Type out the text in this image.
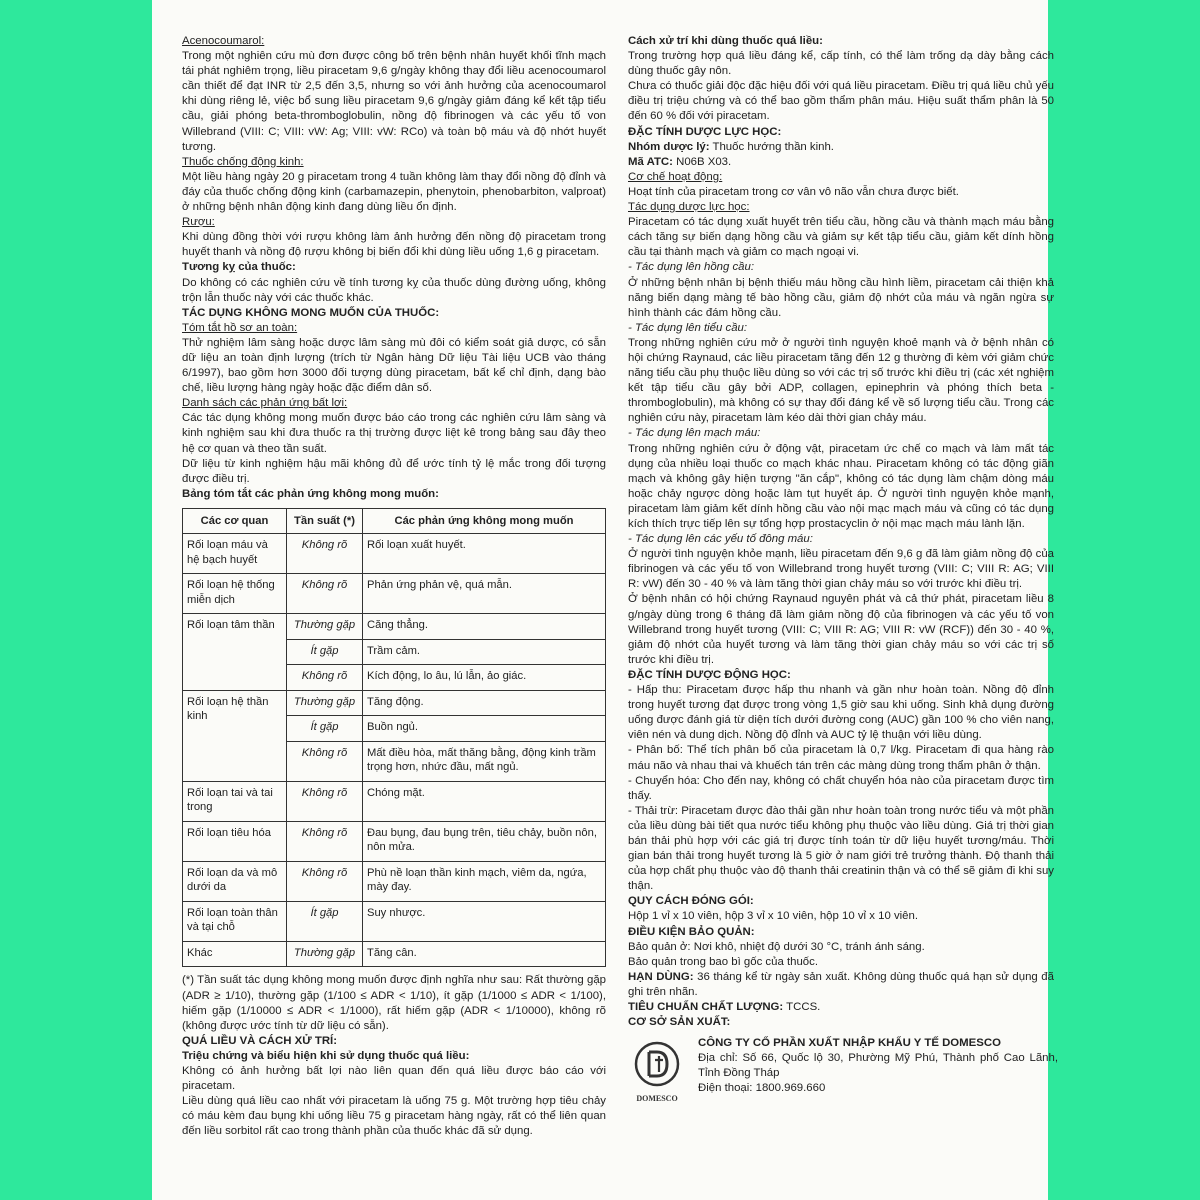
Acenocoumarol:

Trong một nghiên cứu mù đơn được công bố trên bệnh nhân huyết khối tĩnh mạch tái phát nghiêm trọng, liều piracetam 9,6 g/ngày không thay đổi liều acenocoumarol cần thiết để đạt INR từ 2,5 đến 3,5, nhưng so với ảnh hưởng của acenocoumarol khi dùng riêng lẻ, việc bổ sung liều piracetam 9,6 g/ngày giảm đáng kể kết tập tiểu cầu, giải phóng beta-thromboglobulin, nồng độ fibrinogen và các yếu tố von Willebrand (VIII: C; VIII: vW: Ag; VIII: vW: RCo) và toàn bộ máu và độ nhớt huyết tương.

Thuốc chống động kinh:

Một liều hàng ngày 20 g piracetam trong 4 tuần không làm thay đổi nồng độ đỉnh và đáy của thuốc chống động kinh (carbamazepin, phenytoin, phenobarbiton, valproat) ở những bệnh nhân động kinh đang dùng liều ổn định.

Rượu:

Khi dùng đồng thời với rượu không làm ảnh hưởng đến nồng độ piracetam trong huyết thanh và nồng độ rượu không bị biến đổi khi dùng liều uống 1,6 g piracetam.

Tương kỵ của thuốc:

Do không có các nghiên cứu về tính tương kỵ của thuốc dùng đường uống, không trộn lẫn thuốc này với các thuốc khác.

TÁC DỤNG KHÔNG MONG MUỐN CỦA THUỐC:

Tóm tắt hồ sơ an toàn:

Thử nghiệm lâm sàng hoặc dược lâm sàng mù đôi có kiểm soát giả dược, có sẵn dữ liệu an toàn định lượng (trích từ Ngân hàng Dữ liệu Tài liệu UCB vào tháng 6/1997), bao gồm hơn 3000 đối tượng dùng piracetam, bất kể chỉ định, dạng bào chế, liều lượng hàng ngày hoặc đặc điểm dân số.

Danh sách các phản ứng bất lợi:

Các tác dụng không mong muốn được báo cáo trong các nghiên cứu lâm sàng và kinh nghiệm sau khi đưa thuốc ra thị trường được liệt kê trong bảng sau đây theo hệ cơ quan và theo tần suất.

Dữ liệu từ kinh nghiệm hậu mãi không đủ để ước tính tỷ lệ mắc trong đối tượng được điều trị.

Bảng tóm tắt các phản ứng không mong muốn:

Các cơ quan	Tần suất (*)	Các phản ứng không mong muốn
Rối loạn máu và hệ bạch huyết	Không rõ	Rối loạn xuất huyết.
Rối loạn hệ thống miễn dịch	Không rõ	Phản ứng phản vệ, quá mẫn.
Rối loạn tâm thần	Thường gặp	Căng thẳng.
	Ít gặp	Trầm cảm.
	Không rõ	Kích động, lo âu, lú lẫn, ảo giác.
Rối loạn hệ thần kinh	Thường gặp	Tăng động.
	Ít gặp	Buồn ngủ.
	Không rõ	Mất điều hòa, mất thăng bằng, động kinh trầm trọng hơn, nhức đầu, mất ngủ.
Rối loạn tai và tai trong	Không rõ	Chóng mặt.
Rối loạn tiêu hóa	Không rõ	Đau bụng, đau bụng trên, tiêu chảy, buồn nôn, nôn mửa.
Rối loạn da và mô dưới da	Không rõ	Phù nề loạn thần kinh mạch, viêm da, ngứa, mày đay.
Rối loạn toàn thân và tại chỗ	Ít gặp	Suy nhược.
Khác	Thường gặp	Tăng cân.

(*) Tần suất tác dụng không mong muốn được định nghĩa như sau: Rất thường gặp (ADR ≥ 1/10), thường gặp (1/100 ≤ ADR < 1/10), ít gặp (1/1000 ≤ ADR < 1/100), hiếm gặp (1/10000 ≤ ADR < 1/1000), rất hiếm gặp (ADR < 1/10000), không rõ (không được ước tính từ dữ liệu có sẵn).

QUÁ LIỀU VÀ CÁCH XỬ TRÍ:

Triệu chứng và biểu hiện khi sử dụng thuốc quá liều:

Không có ảnh hưởng bất lợi nào liên quan đến quá liều được báo cáo với piracetam.

Liều dùng quá liều cao nhất với piracetam là uống 75 g. Một trường hợp tiêu chảy có máu kèm đau bụng khi uống liều 75 g piracetam hàng ngày, rất có thể liên quan đến liều sorbitol rất cao trong thành phần của thuốc khác đã sử dụng.

Cách xử trí khi dùng thuốc quá liều:

Trong trường hợp quá liều đáng kể, cấp tính, có thể làm trống dạ dày bằng cách dùng thuốc gây nôn.

Chưa có thuốc giải độc đặc hiệu đối với quá liều piracetam. Điều trị quá liều chủ yếu điều trị triệu chứng và có thể bao gồm thẩm phân máu. Hiệu suất thẩm phân là 50 đến 60 % đối với piracetam.

ĐẶC TÍNH DƯỢC LỰC HỌC:

Nhóm dược lý: Thuốc hướng thần kinh.

Mã ATC: N06B X03.

Cơ chế hoạt động:

Hoạt tính của piracetam trong cơ vân vô não vẫn chưa được biết.

Tác dụng dược lực học:

Piracetam có tác dụng xuất huyết trên tiểu cầu, hồng cầu và thành mạch máu bằng cách tăng sự biến dạng hồng cầu và giảm sự kết tập tiểu cầu, giảm kết dính hồng cầu tại thành mạch và giảm co mạch ngoại vi.

- Tác dụng lên hồng cầu:

Ở những bệnh nhân bị bệnh thiếu máu hồng cầu hình liềm, piracetam cải thiện khả năng biến dạng màng tế bào hồng cầu, giảm độ nhớt của máu và ngăn ngừa sự hình thành các đám hồng cầu.

- Tác dụng lên tiểu cầu:

Trong những nghiên cứu mở ở người tình nguyện khoẻ mạnh và ở bệnh nhân có hội chứng Raynaud, các liều piracetam tăng đến 12 g thường đi kèm với giảm chức năng tiểu cầu phụ thuộc liều dùng so với các trị số trước khi điều trị (các xét nghiệm kết tập tiểu cầu gây bởi ADP, collagen, epinephrin và phóng thích beta - thromboglobulin), mà không có sự thay đổi đáng kể về số lượng tiểu cầu. Trong các nghiên cứu này, piracetam làm kéo dài thời gian chảy máu.

- Tác dụng lên mạch máu:

Trong những nghiên cứu ở động vật, piracetam ức chế co mạch và làm mất tác dụng của nhiều loại thuốc co mạch khác nhau. Piracetam không có tác động giãn mạch và không gây hiện tượng "ăn cắp", không có tác dụng làm chậm dòng máu hoặc chảy ngược dòng hoặc làm tụt huyết áp. Ở người tình nguyện khỏe mạnh, piracetam làm giảm kết dính hồng cầu vào nội mạc mạch máu và cũng có tác dụng kích thích trực tiếp lên sự tổng hợp prostacyclin ở nội mạc mạch máu lành lặn.

- Tác dụng lên các yếu tố đông máu:

Ở người tình nguyện khỏe mạnh, liều piracetam đến 9,6 g đã làm giảm nồng độ của fibrinogen và các yếu tố von Willebrand trong huyết tương (VIII: C; VIII R: AG; VIII R: vW) đến 30 - 40 % và làm tăng thời gian chảy máu so với trước khi điều trị.

Ở bệnh nhân có hội chứng Raynaud nguyên phát và cả thứ phát, piracetam liều 8 g/ngày dùng trong 6 tháng đã làm giảm nồng độ của fibrinogen và các yếu tố von Willebrand trong huyết tương (VIII: C; VIII R: AG; VIII R: vW (RCF)) đến 30 - 40 %, giảm độ nhớt của huyết tương và làm tăng thời gian chảy máu so với các trị số trước khi điều trị.

ĐẶC TÍNH DƯỢC ĐỘNG HỌC:

- Hấp thu: Piracetam được hấp thu nhanh và gần như hoàn toàn. Nồng độ đỉnh trong huyết tương đạt được trong vòng 1,5 giờ sau khi uống. Sinh khả dụng đường uống được đánh giá từ diện tích dưới đường cong (AUC) gần 100 % cho viên nang, viên nén và dung dịch. Nồng độ đỉnh và AUC tỷ lệ thuận với liều dùng.

- Phân bố: Thể tích phân bố của piracetam là 0,7 l/kg. Piracetam đi qua hàng rào máu não và nhau thai và khuếch tán trên các màng dùng trong thẩm phân ở thận.

- Chuyển hóa: Cho đến nay, không có chất chuyển hóa nào của piracetam được tìm thấy.

- Thải trừ: Piracetam được đào thải gần như hoàn toàn trong nước tiểu và một phần của liều dùng bài tiết qua nước tiểu không phụ thuộc vào liều dùng. Giá trị thời gian bán thải phù hợp với các giá trị được tính toán từ dữ liệu huyết tương/máu. Thời gian bán thải trong huyết tương là 5 giờ ở nam giới trẻ trưởng thành. Độ thanh thải của hợp chất phụ thuộc vào độ thanh thải creatinin thận và có thể sẽ giảm đi khi suy thận.

QUY CÁCH ĐÓNG GÓI:

Hộp 1 vỉ x 10 viên, hộp 3 vỉ x 10 viên, hộp 10 vỉ x 10 viên.

ĐIỀU KIỆN BẢO QUẢN:

Bảo quản ở: Nơi khô, nhiệt độ dưới 30 °C, tránh ánh sáng.

Bảo quản trong bao bì gốc của thuốc.

HẠN DÙNG: 36 tháng kể từ ngày sản xuất. Không dùng thuốc quá hạn sử dụng đã ghi trên nhãn.

TIÊU CHUẨN CHẤT LƯỢNG: TCCS.

CƠ SỞ SẢN XUẤT:

DOMESCO

CÔNG TY CỔ PHẦN XUẤT NHẬP KHẨU Y TẾ DOMESCO

Địa chỉ: Số 66, Quốc lộ 30, Phường Mỹ Phú, Thành phố Cao Lãnh, Tỉnh Đồng Tháp

Điện thoại: 1800.969.660
